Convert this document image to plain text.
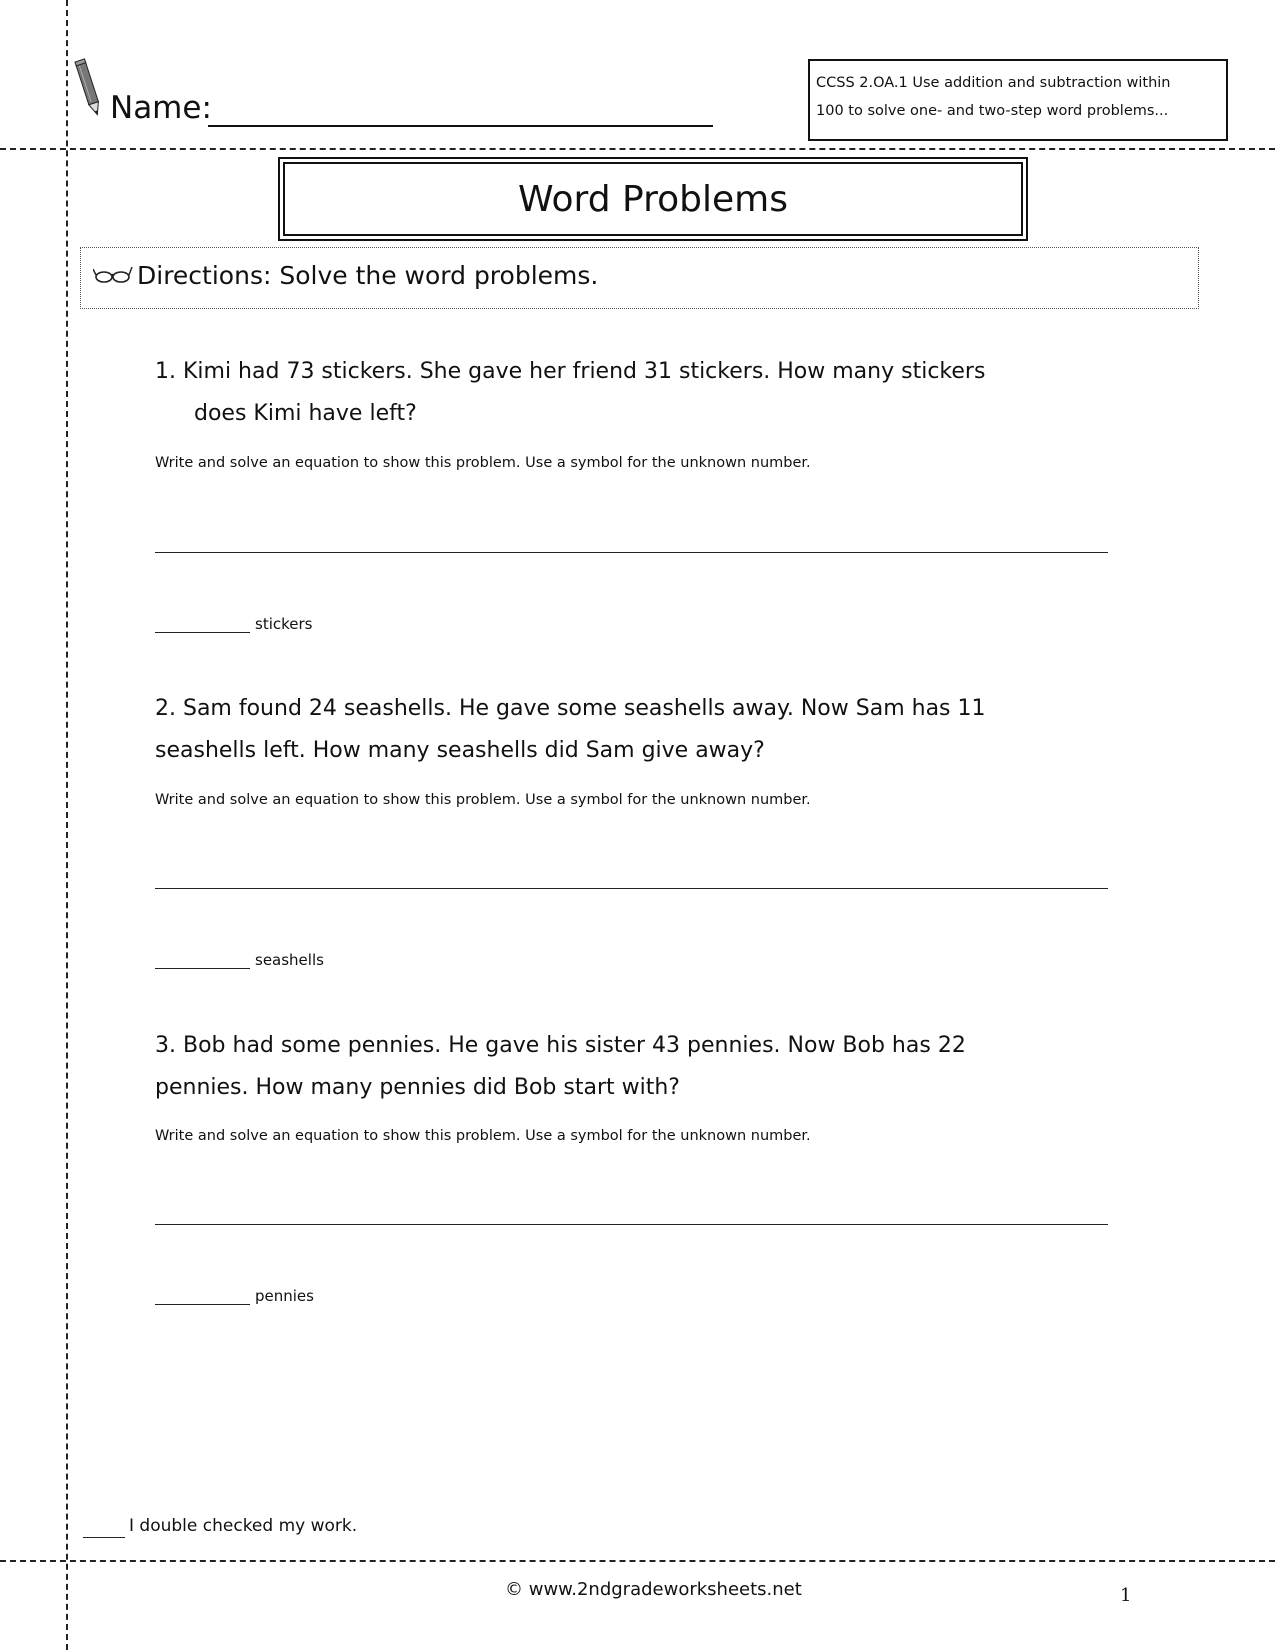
Name:
CCSS 2.OA.1 Use addition and subtraction within
100 to solve one- and two-step word problems...
Word Problems
Directions: Solve the word problems.
1. Kimi had 73 stickers. She gave her friend 31 stickers. How many stickers
does Kimi have left?
Write and solve an equation to show this problem. Use a symbol for the unknown number.
stickers
2. Sam found 24 seashells. He gave some seashells away. Now Sam has 11
seashells left. How many seashells did Sam give away?
Write and solve an equation to show this problem. Use a symbol for the unknown number.
seashells
3. Bob had some pennies. He gave his sister 43 pennies. Now Bob has 22
pennies. How many pennies did Bob start with?
Write and solve an equation to show this problem. Use a symbol for the unknown number.
pennies
I double checked my work.
© www.2ndgradeworksheets.net	1
